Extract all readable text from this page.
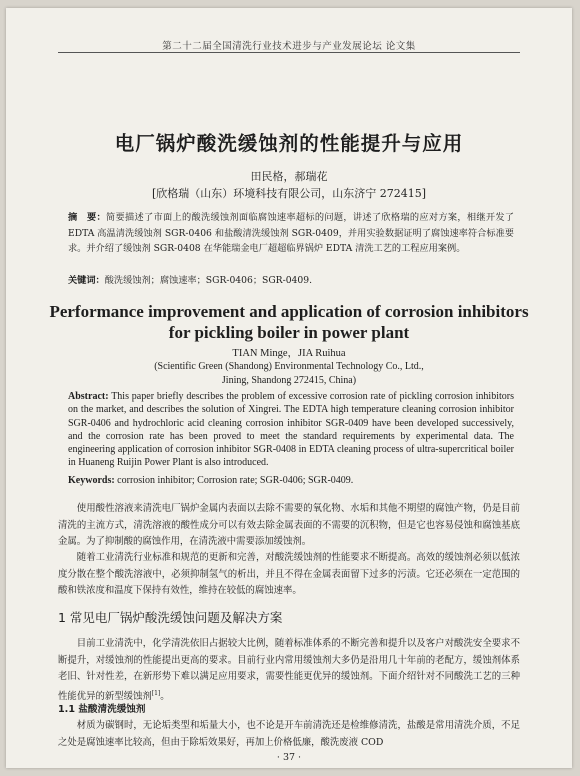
第二十二届全国清洗行业技术进步与产业发展论坛 论文集
电厂锅炉酸洗缓蚀剂的性能提升与应用
田民格，郝瑞花
[欣格瑞（山东）环境科技有限公司，山东济宁 272415]
摘　要：简要描述了市面上的酸洗缓蚀剂面临腐蚀速率超标的问题，讲述了欣格瑞的应对方案，相继开发了 EDTA 高温清洗缓蚀剂 SGR-0406 和盐酸清洗缓蚀剂 SGR-0409，并用实验数据证明了腐蚀速率符合标准要求。并介绍了缓蚀剂 SGR-0408 在华能瑞金电厂超超临界锅炉 EDTA 清洗工艺的工程应用案例。
关键词：酸洗缓蚀剂；腐蚀速率；SGR-0406；SGR-0409.
Performance improvement and application of corrosion inhibitors for pickling boiler in power plant
TIAN Minge，JIA Ruihua
(Scientific Green (Shandong) Environmental Technology Co., Ltd.,
Jining, Shandong 272415, China)
Abstract: This paper briefly describes the problem of excessive corrosion rate of pickling corrosion inhibitors on the market, and describes the solution of Xingrei. The EDTA high temperature cleaning corrosion inhibitor SGR-0406 and hydrochloric acid cleaning corrosion inhibitor SGR-0409 have been developed successively, and the corrosion rate has been proved to meet the standard requirements by experimental data. The engineering application of corrosion inhibitor SGR-0408 in EDTA cleaning process of ultra-supercritical boiler in Huaneng Ruijin Power Plant is also introduced.
Keywords: corrosion inhibitor; Corrosion rate; SGR-0406; SGR-0409.
使用酸性溶液来清洗电厂锅炉金属内表面以去除不需要的氧化物、水垢和其他不期望的腐蚀产物，仍是目前清洗的主流方式，清洗溶液的酸性成分可以有效去除金属表面的不需要的沉积物，但是它也容易侵蚀和腐蚀基底金属。为了抑制酸的腐蚀作用，在清洗液中需要添加缓蚀剂。
随着工业清洗行业标准和规范的更新和完善，对酸洗缓蚀剂的性能要求不断提高。高效的缓蚀剂必须以低浓度分散在整个酸洗溶液中，必须抑制氢气的析出，并且不得在金属表面留下过多的污渍。它还必须在一定范围的酸和铁浓度和温度下保持有效性，维持在较低的腐蚀速率。
1 常见电厂锅炉酸洗缓蚀问题及解决方案
目前工业清洗中，化学清洗依旧占据较大比例，随着标准体系的不断完善和提升以及客户对酸洗安全要求不断提升，对缓蚀剂的性能提出更高的要求。目前行业内常用缓蚀剂大多仍是沿用几十年前的老配方，缓蚀剂体系老旧、针对性差，在新形势下难以满足应用要求，需要性能更优异的缓蚀剂。下面介绍针对不同酸洗工艺的三种性能优异的新型缓蚀剂[1]。
1.1 盐酸清洗缓蚀剂
材质为碳钢时，无论垢类型和垢量大小，也不论是开车前清洗还是检维修清洗，盐酸是常用清洗介质，不足之处是腐蚀速率比较高，但由于除垢效果好，再加上价格低廉，酸洗废液 COD
· 37 ·
